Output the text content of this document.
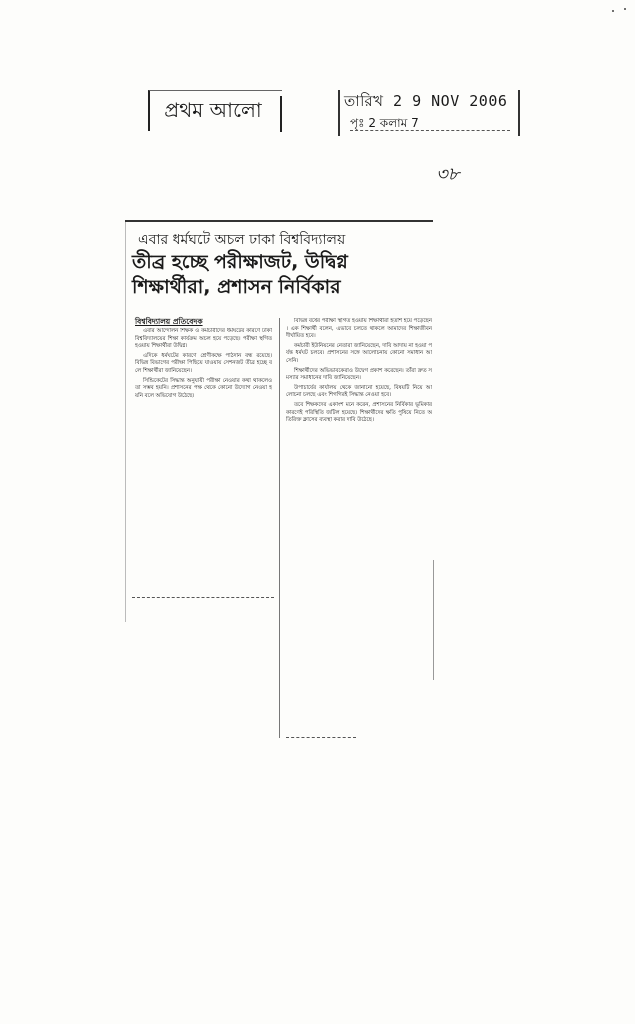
প্রথম আলো	তারিখ 2 9 NOV 2006
পৃঃ 2 কলাম 7
৩৮
এবার ধর্মঘটে অচল ঢাকা বিশ্ববিদ্যালয়
তীব্র হচ্ছে পরীক্ষাজট, উদ্বিগ্ন
শিক্ষার্থীরা, প্রশাসন নির্বিকার
বিশ্ববিদ্যালয় প্রতিবেদক

এবার আন্দোলন শিক্ষক ও কর্মচারীদের ধর্মঘটের কারণে ঢাকা বিশ্ববিদ্যালয়ের শিক্ষা কার্যক্রম অচল হয়ে পড়েছে। পরীক্ষা স্থগিত হওয়ায় শিক্ষার্থীরা উদ্বিগ্ন।

এদিকে ধর্মঘটের কারণে শ্রেণীকক্ষে পাঠদান বন্ধ রয়েছে। বিভিন্ন বিভাগের পরীক্ষা পিছিয়ে যাওয়ায় সেশনজট তীব্র হচ্ছে বলে শিক্ষার্থীরা জানিয়েছেন।

সিন্ডিকেটের সিদ্ধান্ত অনুযায়ী পরীক্ষা নেওয়ার কথা থাকলেও তা সম্ভব হয়নি। প্রশাসনের পক্ষ থেকে কোনো উদ্যোগ নেওয়া হয়নি বলে অভিযোগ উঠেছে।

বিভিন্ন বর্ষের পরীক্ষা স্থগিত হওয়ায় শিক্ষার্থীরা হতাশ হয়ে পড়েছেন। এক শিক্ষার্থী বলেন, এভাবে চলতে থাকলে আমাদের শিক্ষাজীবন দীর্ঘায়িত হবে।

কর্মচারী ইউনিয়নের নেতারা জানিয়েছেন, দাবি আদায় না হওয়া পর্যন্ত ধর্মঘট চলবে। প্রশাসনের সঙ্গে আলোচনায় কোনো সমাধান আসেনি।

শিক্ষার্থীদের অভিভাবকেরাও উদ্বেগ প্রকাশ করেছেন। তাঁরা দ্রুত সমস্যার সমাধানের দাবি জানিয়েছেন।

উপাচার্যের কার্যালয় থেকে জানানো হয়েছে, বিষয়টি নিয়ে আলোচনা চলছে এবং শিগগিরই সিদ্ধান্ত নেওয়া হবে।

তবে শিক্ষকদের একাংশ মনে করেন, প্রশাসনের নির্বিকার ভূমিকার কারণেই পরিস্থিতি জটিল হয়েছে। শিক্ষার্থীদের ক্ষতি পুষিয়ে নিতে অতিরিক্ত ক্লাসের ব্যবস্থা করার দাবি উঠেছে।
